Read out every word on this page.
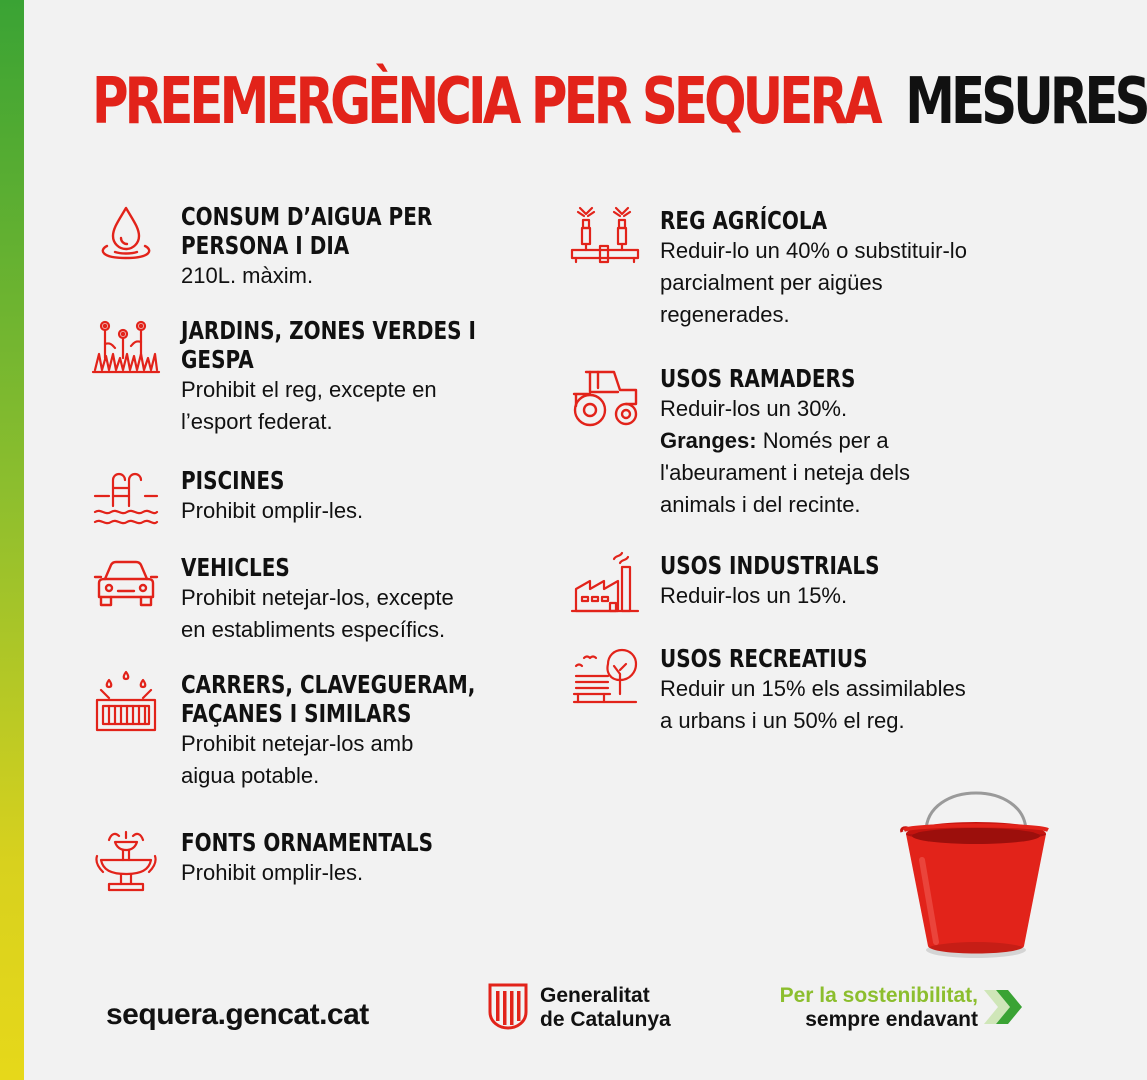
PREEMERGÈNCIA PER SEQUERA MESURES
CONSUM D’AIGUA PER
PERSONA I DIA

210L. màxim.

JARDINS, ZONES VERDES I
GESPA

Prohibit el reg, excepte en

l’esport federat.

PISCINES

Prohibit omplir-les.

VEHICLES

Prohibit netejar-los, excepte

en establiments específics.

CARRERS, CLAVEGUERAM,
FAÇANES I SIMILARS

Prohibit netejar-los amb

aigua potable.

FONTS ORNAMENTALS

Prohibit omplir-les.

REG AGRÍCOLA

Reduir-lo un 40% o substituir-lo

parcialment per aigües

regenerades.

USOS RAMADERS

Reduir-los un 30%.

Granges: Només per a

l'abeurament i neteja dels

animals i del recinte.

USOS INDUSTRIALS

Reduir-los un 15%.

USOS RECREATIUS

Reduir un 15% els assimilables

a urbans i un 50% el reg.

sequera.gencat.cat
Generalitat
de Catalunya
Per la sostenibilitat,
sempre endavant
